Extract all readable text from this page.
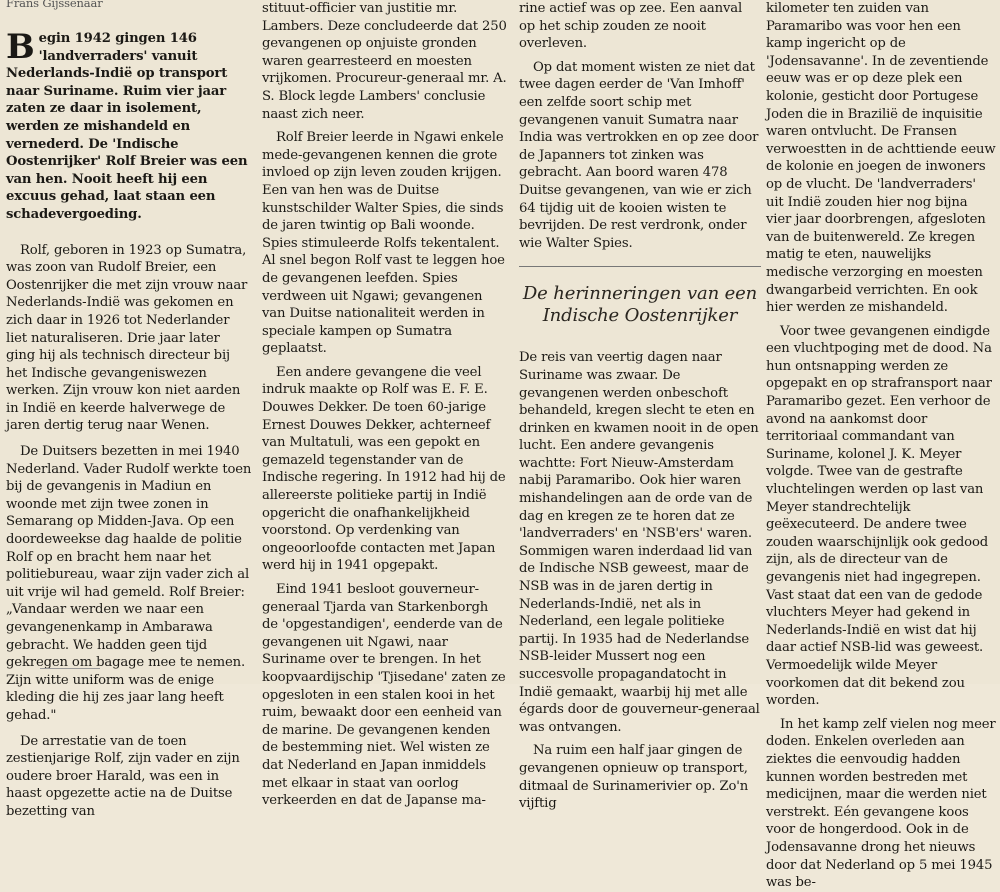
Frans Gijssenaar

Begin 1942 gingen 146 'landverraders' vanuit Nederlands-Indië op transport naar Suriname. Ruim vier jaar zaten ze daar in isolement, werden ze mishandeld en vernederd. De 'Indische Oostenrijker' Rolf Breier was een van hen. Nooit heeft hij een excuus gehad, laat staan een schadevergoeding.

Rolf, geboren in 1923 op Sumatra, was zoon van Rudolf Breier, een Oostenrijker die met zijn vrouw naar Nederlands-Indië was gekomen en zich daar in 1926 tot Nederlander liet naturaliseren. Drie jaar later ging hij als technisch directeur bij het Indische gevangeniswezen werken. Zijn vrouw kon niet aarden in Indië en keerde halverwege de jaren dertig terug naar Wenen.

De Duitsers bezetten in mei 1940 Nederland. Vader Rudolf werkte toen bij de gevangenis in Madiun en woonde met zijn twee zonen in Semarang op Midden-Java. Op een doordeweekse dag haalde de politie Rolf op en bracht hem naar het politiebureau, waar zijn vader zich al uit vrije wil had gemeld. Rolf Breier: „Vandaar werden we naar een gevangenenkamp in Ambarawa gebracht. We hadden geen tijd gekregen om bagage mee te nemen. Zijn witte uniform was de enige kleding die hij zes jaar lang heeft gehad."

De arrestatie van de toen zestienjarige Rolf, zijn vader en zijn oudere broer Harald, was een in haast opgezette actie na de Duitse bezetting van

stituut-officier van justitie mr. Lambers. Deze concludeerde dat 250 gevangenen op onjuiste gronden waren gearresteerd en moesten vrijkomen. Procureur-generaal mr. A. S. Block legde Lambers' conclusie naast zich neer.

Rolf Breier leerde in Ngawi enkele mede-gevangenen kennen die grote invloed op zijn leven zouden krijgen. Een van hen was de Duitse kunstschilder Walter Spies, die sinds de jaren twintig op Bali woonde. Spies stimuleerde Rolfs tekentalent. Al snel begon Rolf vast te leggen hoe de gevangenen leefden. Spies verdween uit Ngawi; gevangenen van Duitse nationaliteit werden in speciale kampen op Sumatra geplaatst.

Een andere gevangene die veel indruk maakte op Rolf was E. F. E. Douwes Dekker. De toen 60-jarige Ernest Douwes Dekker, achterneef van Multatuli, was een gepokt en gemazeld tegenstander van de Indische regering. In 1912 had hij de allereerste politieke partij in Indië opgericht die onafhankelijkheid voorstond. Op verdenking van ongeoorloofde contacten met Japan werd hij in 1941 opgepakt.

Eind 1941 besloot gouverneur-generaal Tjarda van Starkenborgh de 'opgestandigen', eenderde van de gevangenen uit Ngawi, naar Suriname over te brengen. In het koopvaardijschip 'Tjisedane' zaten ze opgesloten in een stalen kooi in het ruim, bewaakt door een eenheid van de marine. De gevangenen kenden de bestemming niet. Wel wisten ze dat Nederland en Japan inmiddels met elkaar in staat van oorlog verkeerden en dat de Japanse ma-

rine actief was op zee. Een aanval op het schip zouden ze nooit overleven.

Op dat moment wisten ze niet dat twee dagen eerder de 'Van Imhoff' een zelfde soort schip met gevangenen vanuit Sumatra naar India was vertrokken en op zee door de Japanners tot zinken was gebracht. Aan boord waren 478 Duitse gevangenen, van wie er zich 64 tijdig uit de kooien wisten te bevrijden. De rest verdronk, onder wie Walter Spies.

De herinneringen van een Indische Oostenrijker

De reis van veertig dagen naar Suriname was zwaar. De gevangenen werden onbeschoft behandeld, kregen slecht te eten en drinken en kwamen nooit in de open lucht. Een andere gevangenis wachtte: Fort Nieuw-Amsterdam nabij Paramaribo. Ook hier waren mishandelingen aan de orde van de dag en kregen ze te horen dat ze 'landverraders' en 'NSB'ers' waren. Sommigen waren inderdaad lid van de Indische NSB geweest, maar de NSB was in de jaren dertig in Nederlands-Indië, net als in Nederland, een legale politieke partij. In 1935 had de Nederlandse NSB-leider Mussert nog een succesvolle propagandatocht in Indië gemaakt, waarbij hij met alle égards door de gouverneur-generaal was ontvangen.

Na ruim een half jaar gingen de gevangenen opnieuw op transport, ditmaal de Surinamerivier op. Zo'n vijftig

kilometer ten zuiden van Paramaribo was voor hen een kamp ingericht op de 'Jodensavanne'. In de zeventiende eeuw was er op deze plek een kolonie, gesticht door Portugese Joden die in Brazilië de inquisitie waren ontvlucht. De Fransen verwoestten in de achttiende eeuw de kolonie en joegen de inwoners op de vlucht. De 'landverraders' uit Indië zouden hier nog bijna vier jaar doorbrengen, afgesloten van de buitenwereld. Ze kregen matig te eten, nauwelijks medische verzorging en moesten dwangarbeid verrichten. En ook hier werden ze mishandeld.

Voor twee gevangenen eindigde een vluchtpoging met de dood. Na hun ontsnapping werden ze opgepakt en op strafransport naar Paramaribo gezet. Een verhoor de avond na aankomst door territoriaal commandant van Suriname, kolonel J. K. Meyer volgde. Twee van de gestrafte vluchtelingen werden op last van Meyer standrechtelijk geëxecuteerd. De andere twee zouden waarschijnlijk ook gedood zijn, als de directeur van de gevangenis niet had ingegrepen. Vast staat dat een van de gedode vluchters Meyer had gekend in Nederlands-Indië en wist dat hij daar actief NSB-lid was geweest. Vermoedelijk wilde Meyer voorkomen dat dit bekend zou worden.

In het kamp zelf vielen nog meer doden. Enkelen overleden aan ziektes die eenvoudig hadden kunnen worden bestreden met medicijnen, maar die werden niet verstrekt. Eén gevangene koos voor de hongerdood. Ook in de Jodensavanne drong het nieuws door dat Nederland op 5 mei 1945 was be-
